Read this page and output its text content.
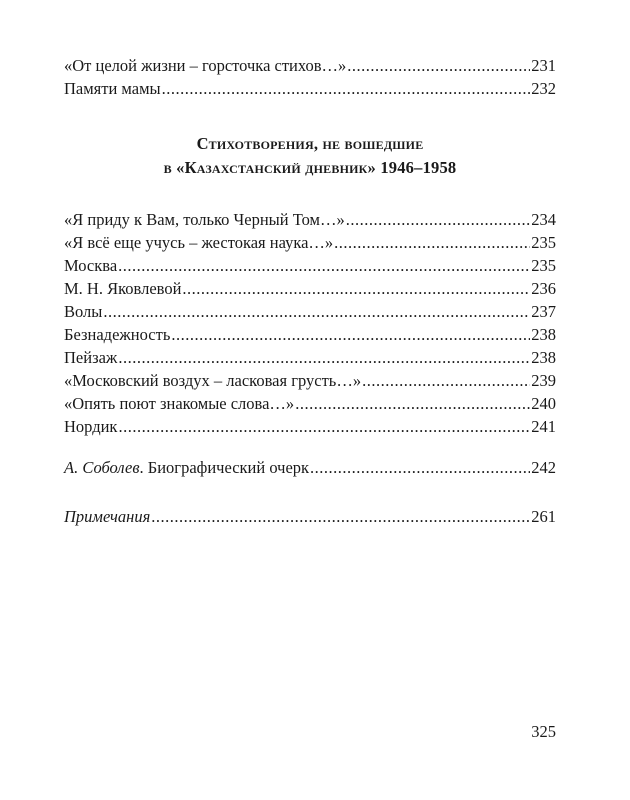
«От целой жизни – горсточка стихов…» .....	231
Памяти мамы .....	232
Стихотворения, не вошедшие
в «Казахстанский дневник» 1946–1958
«Я приду к Вам, только Черный Том…» .....	234
«Я всё еще учусь – жестокая наука…» .....	235
Москва .....	235
М. Н. Яковлевой .....	236
Волы .....	237
Безнадежность .....	238
Пейзаж .....	238
«Московский воздух – ласковая грусть…» .....	239
«Опять поют знакомые слова…» .....	240
Нордик .....	241
А. Соболев. Биографический очерк .....	242
Примечания .....	261
325
